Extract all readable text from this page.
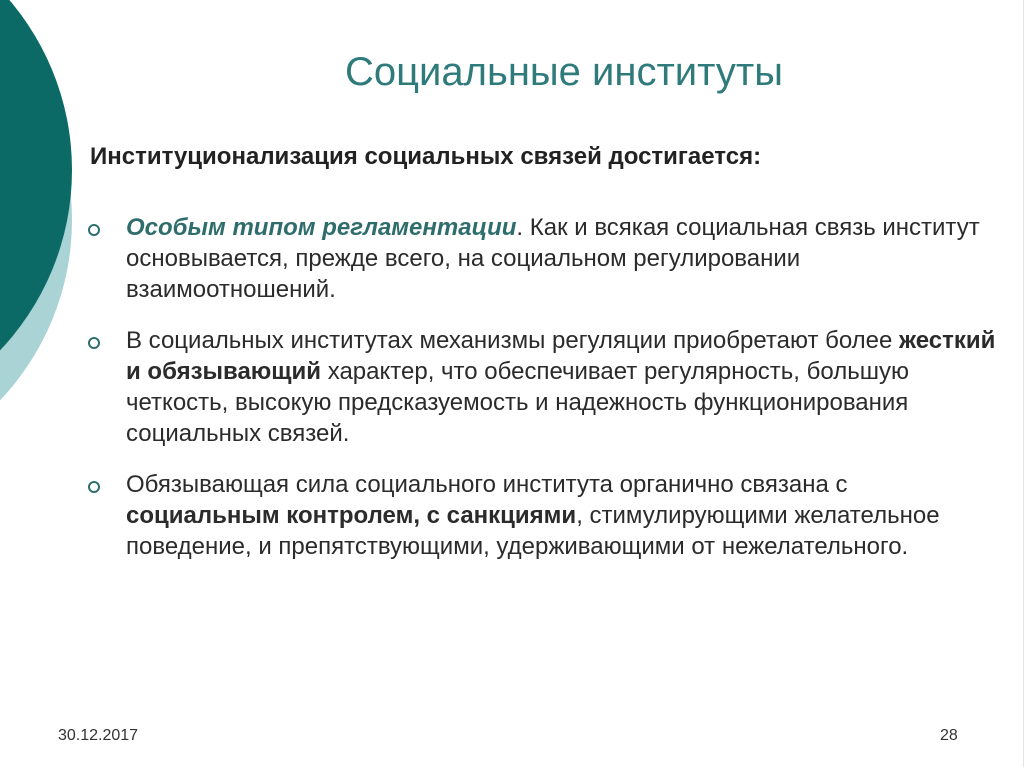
Социальные институты
Институционализация социальных связей достигается:
Особым типом регламентации. Как и всякая социальная связь институт основывается, прежде всего, на социальном регулировании взаимоотношений.
В социальных институтах механизмы регуляции приобретают более жесткий и обязывающий характер, что обеспечивает регулярность, большую четкость, высокую предсказуемость и надежность функционирования социальных связей.
Обязывающая сила социального института органично связана с социальным контролем, с санкциями, стимулирующими желательное поведение, и препятствующими, удерживающими от нежелательного.
30.12.2017	28
